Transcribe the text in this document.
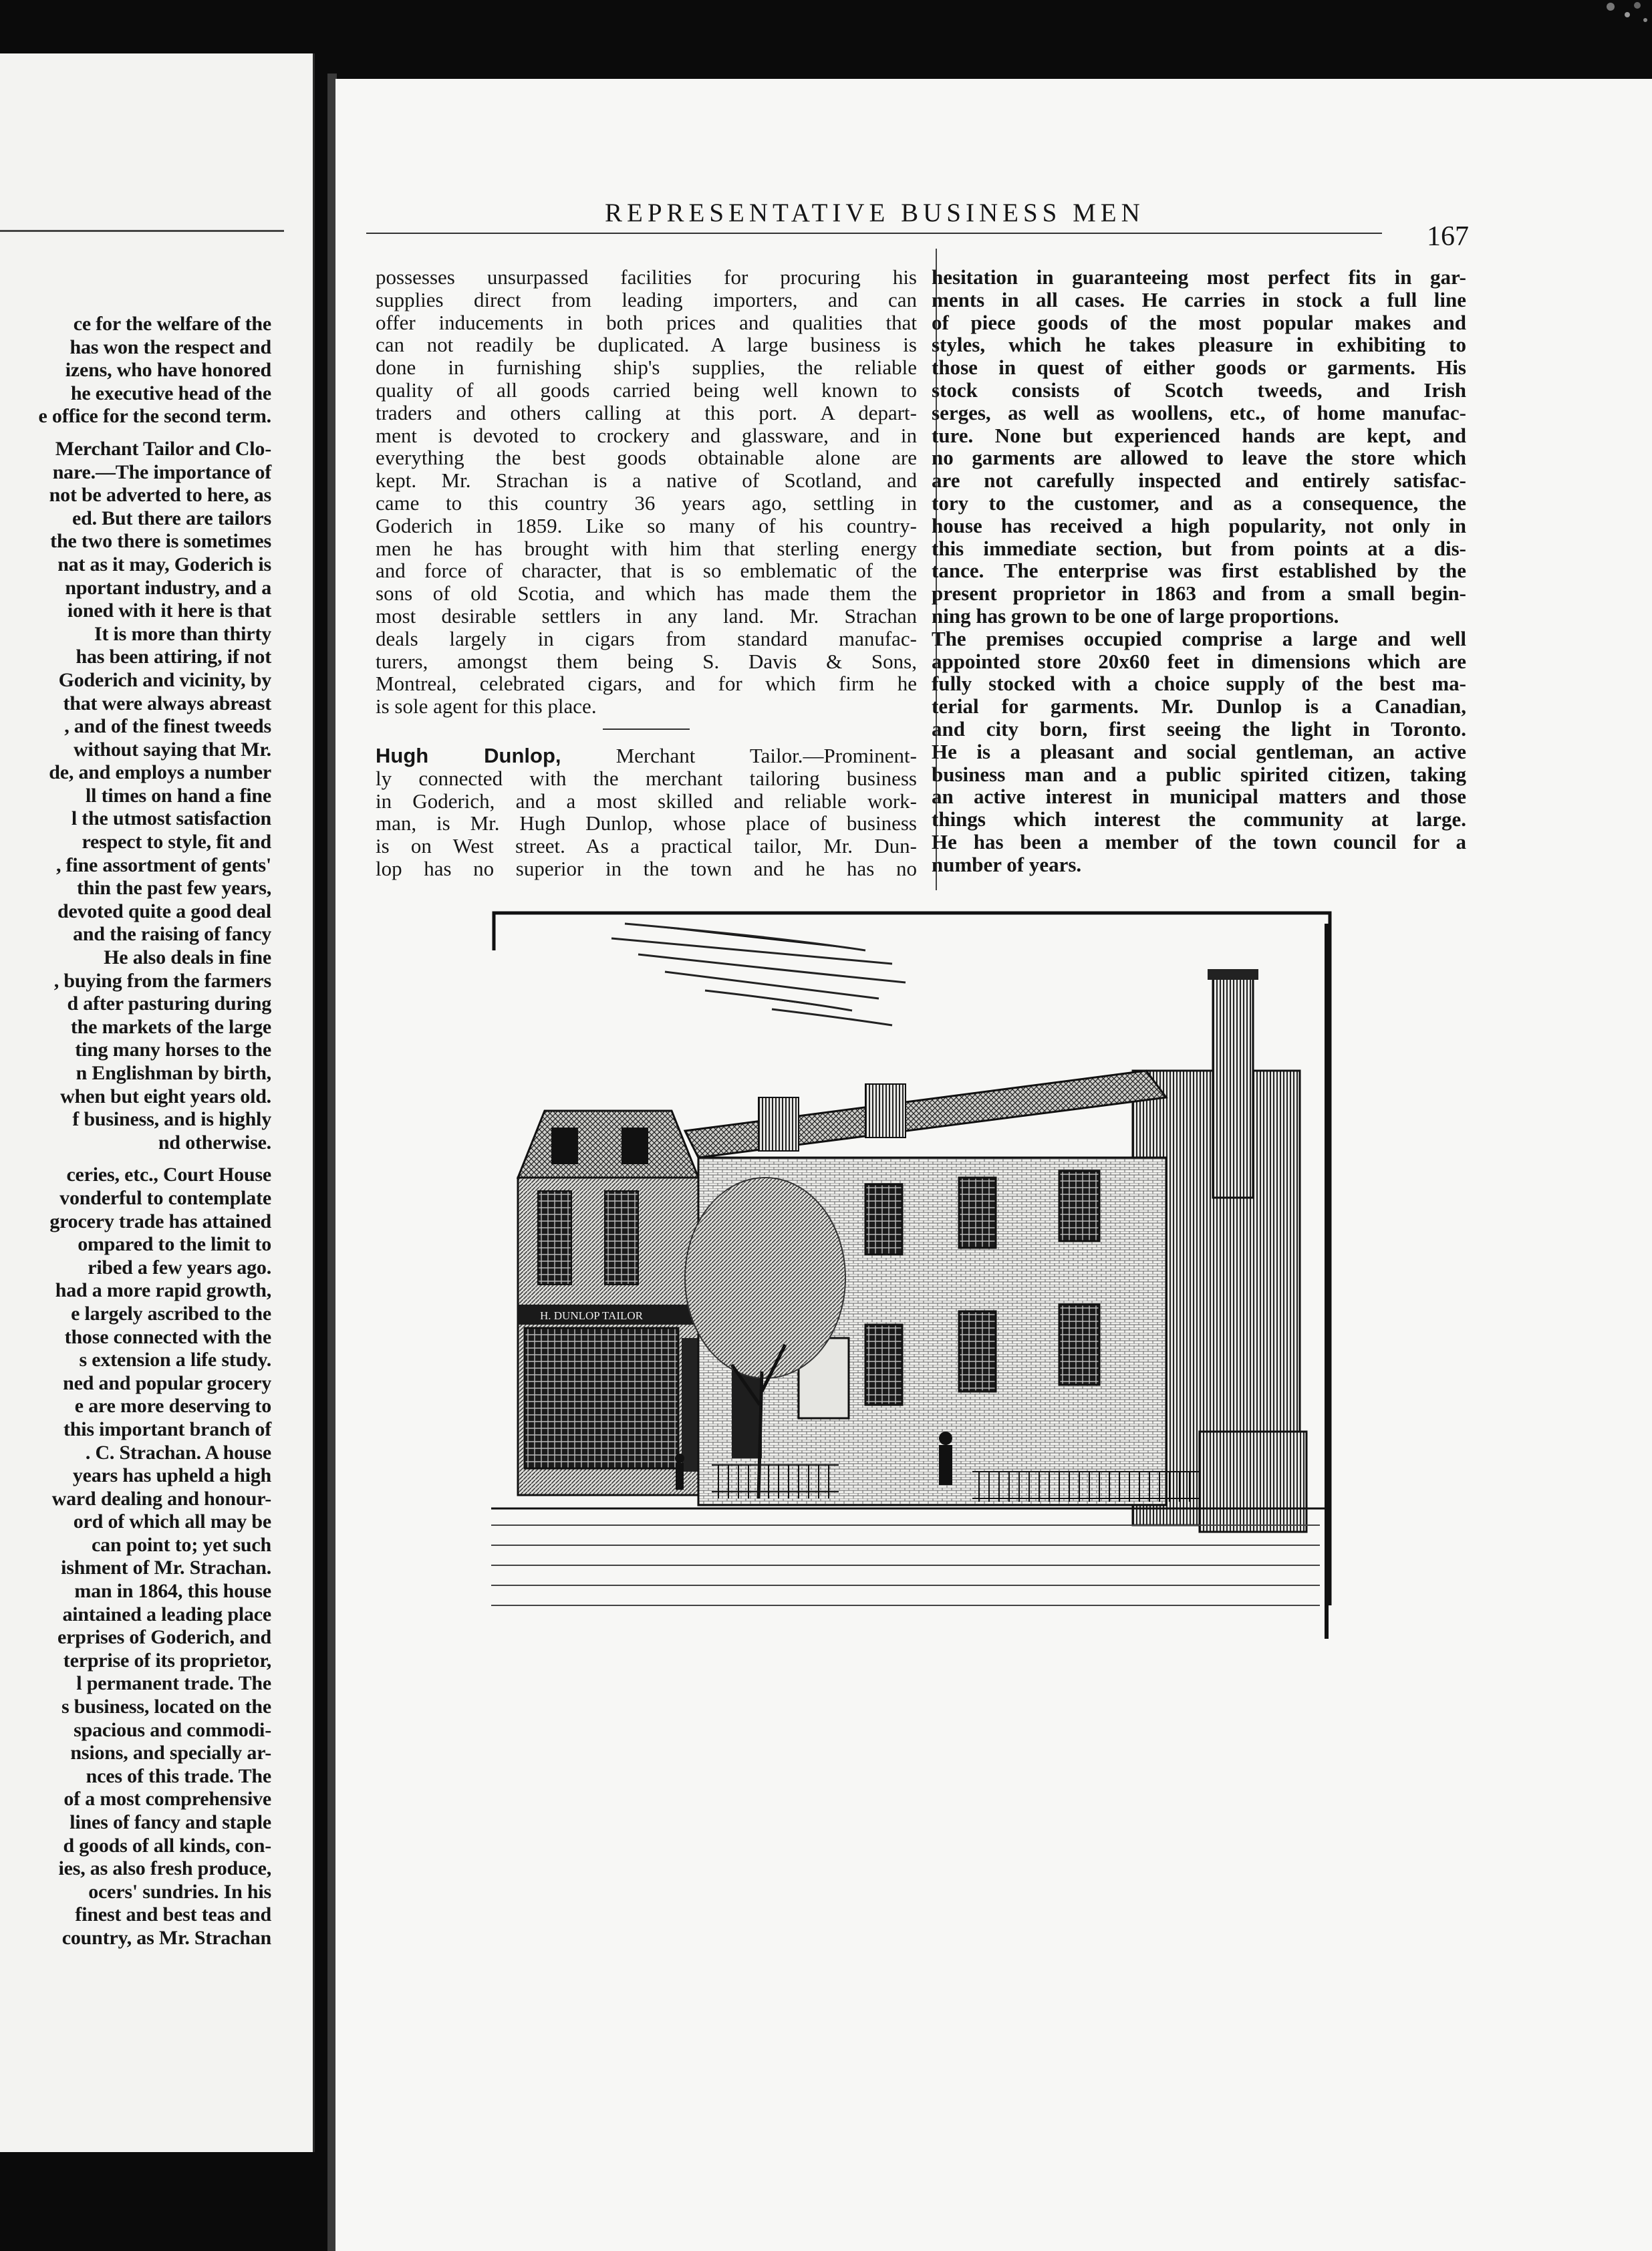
ce for the welfare of the

has won the respect and

izens, who have honored

he executive head of the

e office for the second term.

Merchant Tailor and Clo-

nare.—The importance of

not be adverted to here, as

ed. But there are tailors

the two there is sometimes

nat as it may, Goderich is

nportant industry, and a

ioned with it here is that

It is more than thirty

has been attiring, if not

Goderich and vicinity, by

that were always abreast

, and of the finest tweeds

without saying that Mr.

de, and employs a number

ll times on hand a fine

l the utmost satisfaction

respect to style, fit and

, fine assortment of gents'

thin the past few years,

devoted quite a good deal

and the raising of fancy

He also deals in fine

, buying from the farmers

d after pasturing during

the markets of the large

ting many horses to the

n Englishman by birth,

when but eight years old.

f business, and is highly

nd otherwise.

ceries, etc., Court House

vonderful to contemplate

grocery trade has attained

ompared to the limit to

ribed a few years ago.

had a more rapid growth,

e largely ascribed to the

those connected with the

s extension a life study.

ned and popular grocery

e are more deserving to

this important branch of

. C. Strachan. A house

years has upheld a high

ward dealing and honour-

ord of which all may be

can point to; yet such

ishment of Mr. Strachan.

man in 1864, this house

aintained a leading place

erprises of Goderich, and

terprise of its proprietor,

l permanent trade. The

s business, located on the

spacious and commodi-

nsions, and specially ar-

nces of this trade. The

of a most comprehensive

lines of fancy and staple

d goods of all kinds, con-

ies, as also fresh produce,

ocers' sundries. In his

finest and best teas and

country, as Mr. Strachan

REPRESENTATIVE BUSINESS MEN
167

possesses unsurpassed facilities for procuring his

supplies direct from leading importers, and can

offer inducements in both prices and qualities that

can not readily be duplicated. A large business is

done in furnishing ship's supplies, the reliable

quality of all goods carried being well known to

traders and others calling at this port. A depart-

ment is devoted to crockery and glassware, and in

everything the best goods obtainable alone are

kept. Mr. Strachan is a native of Scotland, and

came to this country 36 years ago, settling in

Goderich in 1859. Like so many of his country-

men he has brought with him that sterling energy

and force of character, that is so emblematic of the

sons of old Scotia, and which has made them the

most desirable settlers in any land. Mr. Strachan

deals largely in cigars from standard manufac-

turers, amongst them being S. Davis & Sons,

Montreal, celebrated cigars, and for which firm he

is sole agent for this place.

Hugh Dunlop, Merchant Tailor.—Prominent-

ly connected with the merchant tailoring business

in Goderich, and a most skilled and reliable work-

man, is Mr. Hugh Dunlop, whose place of business

is on West street. As a practical tailor, Mr. Dun-

lop has no superior in the town and he has no

hesitation in guaranteeing most perfect fits in gar-

ments in all cases. He carries in stock a full line

of piece goods of the most popular makes and

styles, which he takes pleasure in exhibiting to

those in quest of either goods or garments. His

stock consists of Scotch tweeds, and Irish

serges, as well as woollens, etc., of home manufac-

ture. None but experienced hands are kept, and

no garments are allowed to leave the store which

are not carefully inspected and entirely satisfac-

tory to the customer, and as a consequence, the

house has received a high popularity, not only in

this immediate section, but from points at a dis-

tance. The enterprise was first established by the

present proprietor in 1863 and from a small begin-

ning has grown to be one of large proportions.

The premises occupied comprise a large and well

appointed store 20x60 feet in dimensions which are

fully stocked with a choice supply of the best ma-

terial for garments. Mr. Dunlop is a Canadian,

and city born, first seeing the light in Toronto.

He is a pleasant and social gentleman, an active

business man and a public spirited citizen, taking

an active interest in municipal matters and those

things which interest the community at large.

He has been a member of the town council for a

number of years.

H. DUNLOP TAILOR
